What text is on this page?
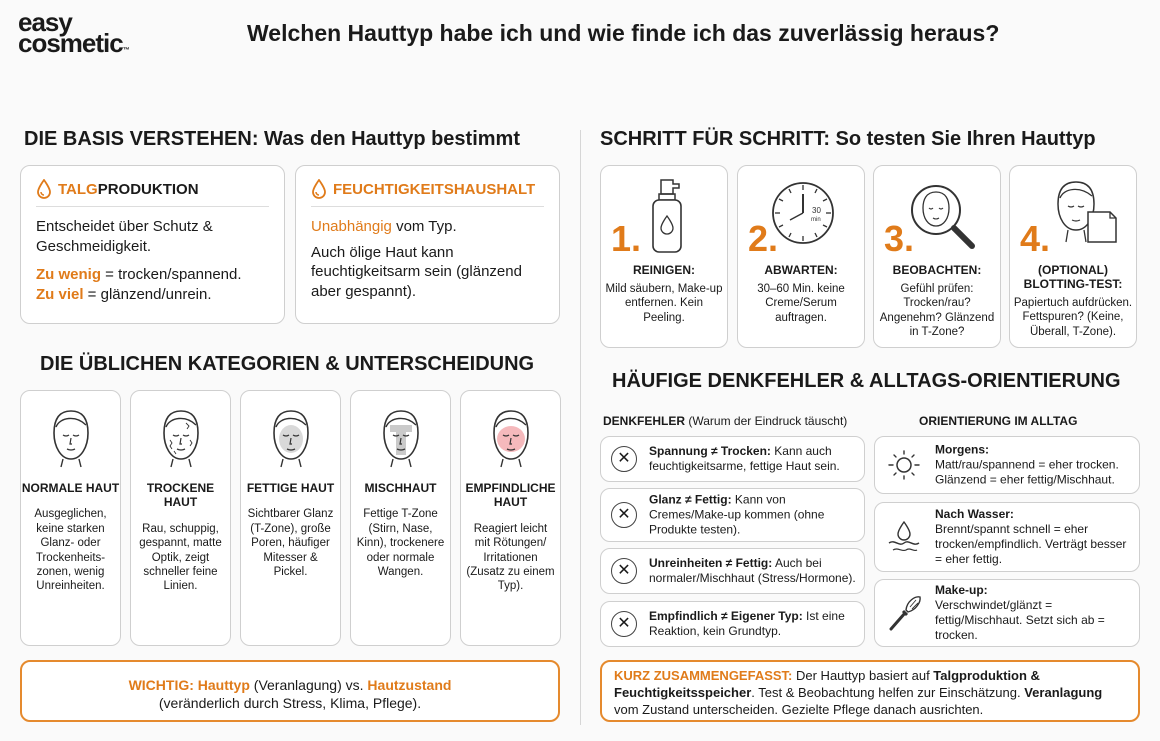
easy
cosmetic™
Welchen Hauttyp habe ich und wie finde ich das zuverlässig heraus?
DIE BASIS VERSTEHEN: Was den Hauttyp bestimmt
TALGPRODUKTION
Entscheidet über Schutz & Geschmeidigkeit.
Zu wenig = trocken/spannend.
Zu viel = glänzend/unrein.
FEUCHTIGKEITSHAUSHALT
Unabhängig vom Typ.
Auch ölige Haut kann feuchtigkeitsarm sein (glänzend aber gespannt).
DIE ÜBLICHEN KATEGORIEN & UNTERSCHEIDUNG
NORMALE HAUT
Ausgeglichen, keine starken Glanz- oder Trockenheits-zonen, wenig Unreinheiten.
TROCKENE HAUT
Rau, schuppig, gespannt, matte Optik, zeigt schneller feine Linien.
FETTIGE HAUT
Sichtbarer Glanz (T-Zone), große Poren, häufiger Mitesser & Pickel.
MISCHHAUT
Fettige T-Zone (Stirn, Nase, Kinn), trockenere oder normale Wangen.
EMPFINDLICHE HAUT
Reagiert leicht mit Rötungen/ Irritationen (Zusatz zu einem Typ).
WICHTIG: Hauttyp (Veranlagung) vs. Hautzustand
(veränderlich durch Stress, Klima, Pflege).
SCHRITT FÜR SCHRITT: So testen Sie Ihren Hauttyp
1.
REINIGEN:
Mild säubern, Make-up entfernen. Kein Peeling.
30
min
2.
ABWARTEN:
30–60 Min. keine Creme/Serum auftragen.
3.
BEOBACHTEN:
Gefühl prüfen: Trocken/rau? Angenehm? Glänzend in T-Zone?
4.
(OPTIONAL) BLOTTING-TEST:
Papiertuch aufdrücken. Fettspuren? (Keine, Überall, T-Zone).
HÄUFIGE DENKFEHLER & ALLTAGS-ORIENTIERUNG
DENKFEHLER (Warum der Eindruck täuscht)	ORIENTIERUNG IM ALLTAG
✕	Spannung ≠ Trocken: Kann auch feuchtigkeitsarme, fettige Haut sein.
✕
Glanz ≠ Fettig: Kann von Cremes/Make-up kommen (ohne Produkte testen).
✕	Unreinheiten ≠ Fettig: Auch bei normaler/Mischhaut (Stress/Hormone).
✕	Empfindlich ≠ Eigener Typ: Ist eine Reaktion, kein Grundtyp.
Morgens:
Matt/rau/spannend = eher trocken. Glänzend = eher fettig/Mischhaut.
Nach Wasser:
Brennt/spannt schnell = eher trocken/empfindlich. Verträgt besser = eher fettig.
Make-up:
Verschwindet/glänzt = fettig/Mischhaut. Setzt sich ab = trocken.
KURZ ZUSAMMENGEFASST: Der Hauttyp basiert auf Talgproduktion & Feuchtigkeitsspeicher. Test & Beobachtung helfen zur Einschätzung. Veranlagung vom Zustand unterscheiden. Gezielte Pflege danach ausrichten.
